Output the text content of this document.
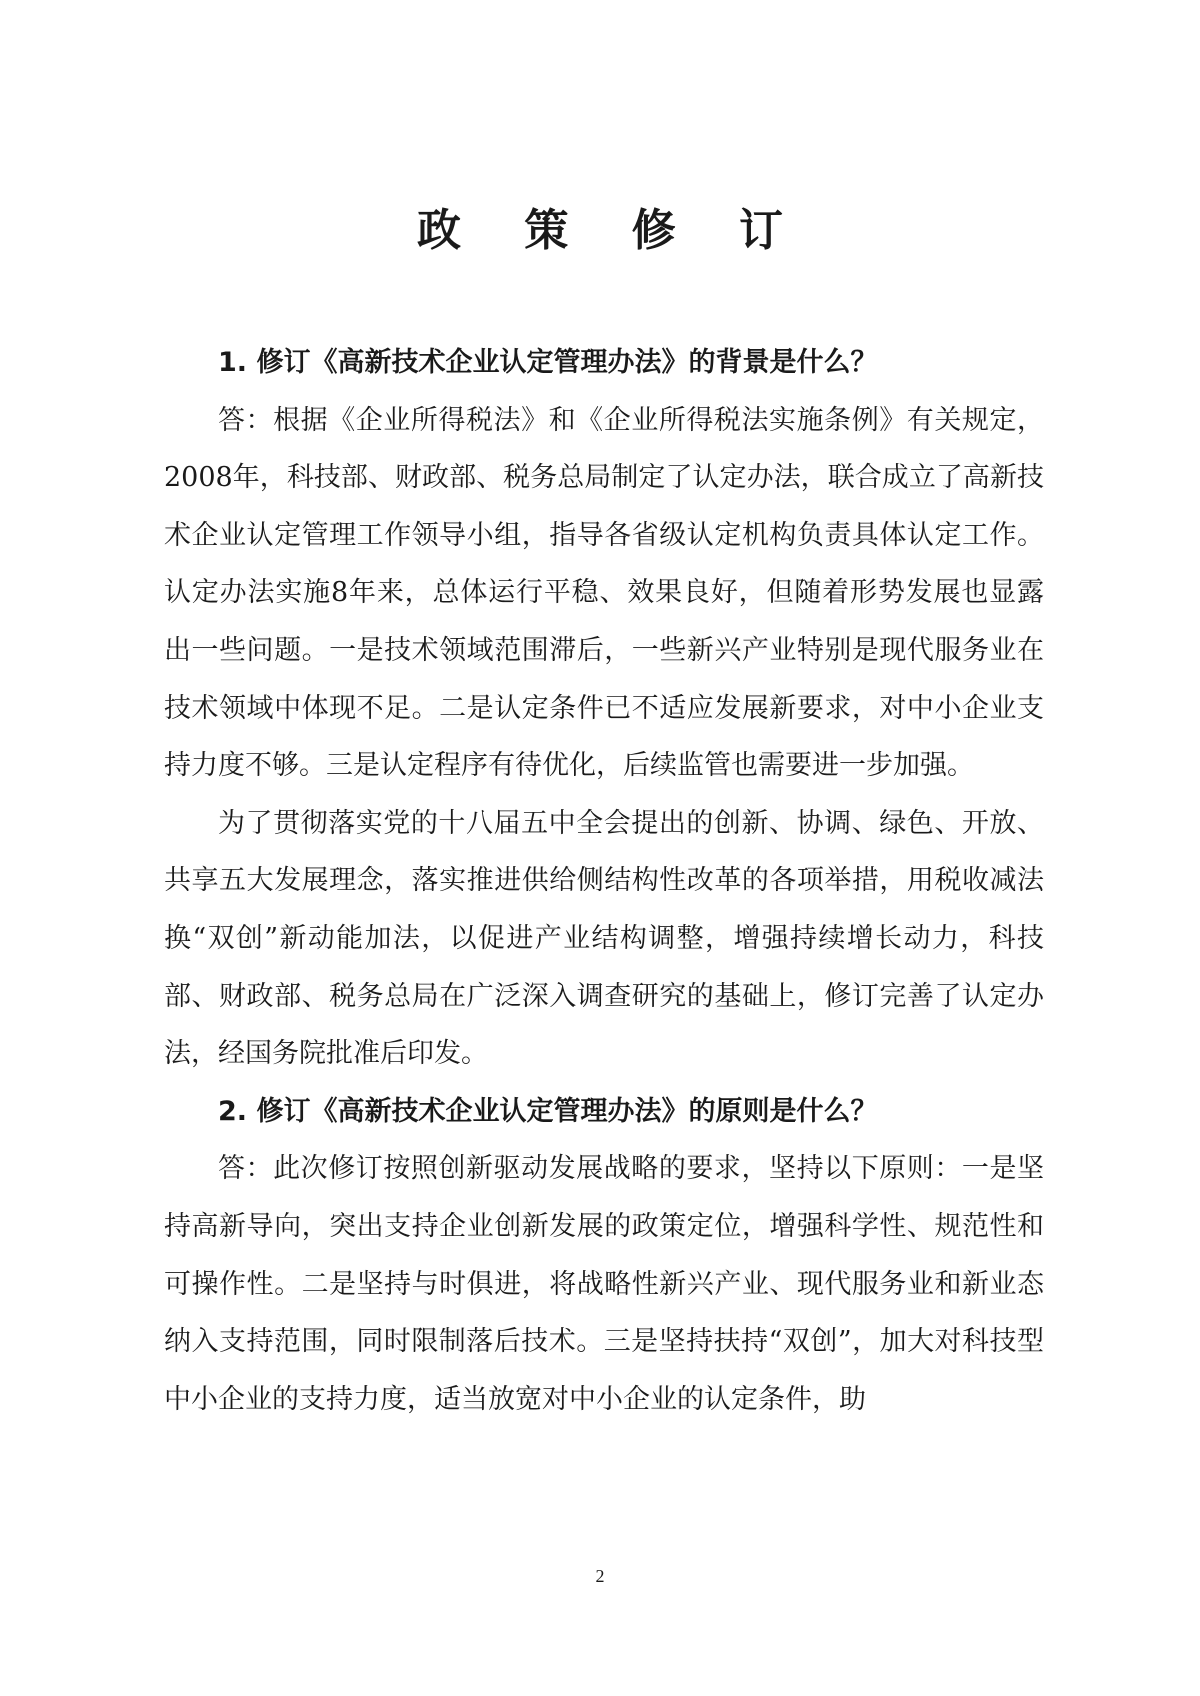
政 策 修 订

1. 修订《高新技术企业认定管理办法》的背景是什么？

答：根据《企业所得税法》和《企业所得税法实施条例》有关规定，2008年，科技部、财政部、税务总局制定了认定办法，联合成立了高新技术企业认定管理工作领导小组，指导各省级认定机构负责具体认定工作。认定办法实施8年来，总体运行平稳、效果良好，但随着形势发展也显露出一些问题。一是技术领域范围滞后，一些新兴产业特别是现代服务业在技术领域中体现不足。二是认定条件已不适应发展新要求，对中小企业支持力度不够。三是认定程序有待优化，后续监管也需要进一步加强。

为了贯彻落实党的十八届五中全会提出的创新、协调、绿色、开放、共享五大发展理念，落实推进供给侧结构性改革的各项举措，用税收减法换“双创”新动能加法，以促进产业结构调整，增强持续增长动力，科技部、财政部、税务总局在广泛深入调查研究的基础上，修订完善了认定办法，经国务院批准后印发。

2. 修订《高新技术企业认定管理办法》的原则是什么？

答：此次修订按照创新驱动发展战略的要求，坚持以下原则：一是坚持高新导向，突出支持企业创新发展的政策定位，增强科学性、规范性和可操作性。二是坚持与时俱进，将战略性新兴产业、现代服务业和新业态纳入支持范围，同时限制落后技术。三是坚持扶持“双创”，加大对科技型中小企业的支持力度，适当放宽对中小企业的认定条件，助

2
